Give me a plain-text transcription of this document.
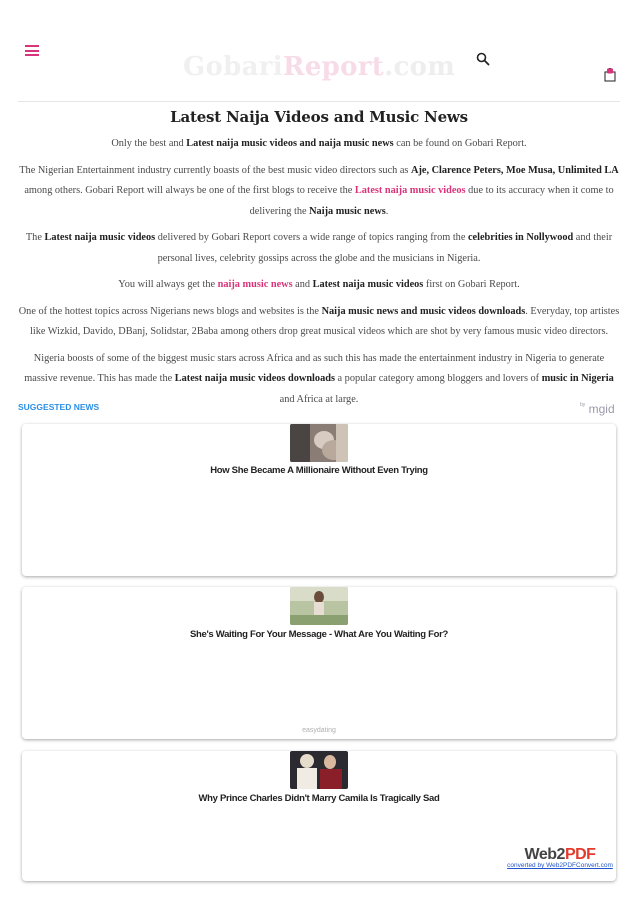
GobariReport.com
Latest Naija Videos and Music News

Only the best and Latest naija music videos and naija music news can be found on Gobari Report.

The Nigerian Entertainment industry currently boasts of the best music video directors such as Aje, Clarence Peters, Moe Musa, Unlimited LA among others. Gobari Report will always be one of the first blogs to receive the Latest naija music videos due to its accuracy when it come to delivering the Naija music news.

The Latest naija music videos delivered by Gobari Report covers a wide range of topics ranging from the celebrities in Nollywood and their personal lives, celebrity gossips across the globe and the musicians in Nigeria.

You will always get the naija music news and Latest naija music videos first on Gobari Report.

One of the hottest topics across Nigerians news blogs and websites is the Naija music news and music videos downloads. Everyday, top artistes like Wizkid, Davido, DBanj, Solidstar, 2Baba among others drop great musical videos which are shot by very famous music video directors.

Nigeria boosts of some of the biggest music stars across Africa and as such this has made the entertainment industry in Nigeria to generate massive revenue. This has made the Latest naija music videos downloads a popular category among bloggers and lovers of music in Nigeria and Africa at large.

SUGGESTED NEWS	$^{by}$ mgid
How She Became A Millionaire Without Even Trying
She's Waiting For Your Message - What Are You Waiting For?
easydating
Why Prince Charles Didn't Marry Camila Is Tragically Sad
Web2PDF
converted by Web2PDFConvert.com
